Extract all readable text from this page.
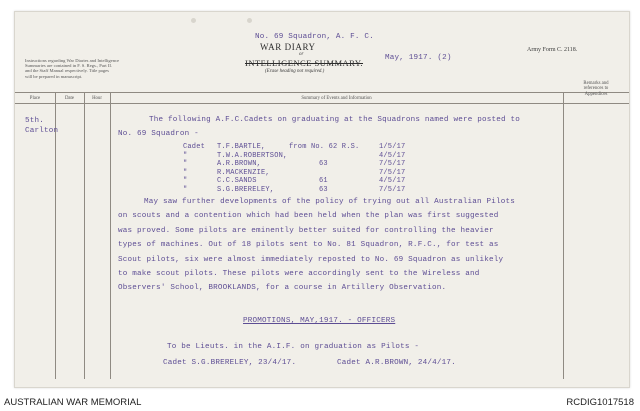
Instructions regarding War Diaries and Intelligence
Summaries are contained in F. S. Regs., Part II.
and the Staff Manual respectively. Title pages
will be prepared in manuscript.
No. 69 Squadron, A. F. C.
WAR DIARY
or
INTELLIGENCE SUMMARY.
(Erase heading not required.)
May, 1917. (2)
Army Form C. 2118.
Place	Date	Hour	Summary of Events and Information
Remarks and
references to
Appendices
5th.
Carlton
The following A.F.C.Cadets on graduating at the Squadrons named were posted to
No. 69 Squadron -
Cadet T.F.BARTLE,	from No. 62 R.S.	1/5/17
"	T.W.A.ROBERTSON,	4/5/17
"	A.R.BROWN,	63	7/5/17
"	R.MACKENZIE,	7/5/17
"	C.C.SANDS	61	4/5/17
"	S.G.BRERELEY,	63	7/5/17
May saw further developments of the policy of trying out all Australian Pilots
on scouts and a contention which had been held when the plan was first suggested
was proved. Some pilots are eminently better suited for controlling the heavier
types of machines. Out of 18 pilots sent to No. 81 Squadron, R.F.C., for test as
Scout pilots, six were almost immediately reposted to No. 69 Squadron as unlikely
to make scout pilots. These pilots were accordingly sent to the Wireless and
Observers' School, BROOKLANDS, for a course in Artillery Observation.
PROMOTIONS, MAY,1917. - OFFICERS
To be Lieuts. in the A.I.F. on graduation as Pilots -
Cadet S.G.BRERELEY, 23/4/17.	Cadet A.R.BROWN, 24/4/17.
AUSTRALIAN WAR MEMORIAL	RCDIG1017518
